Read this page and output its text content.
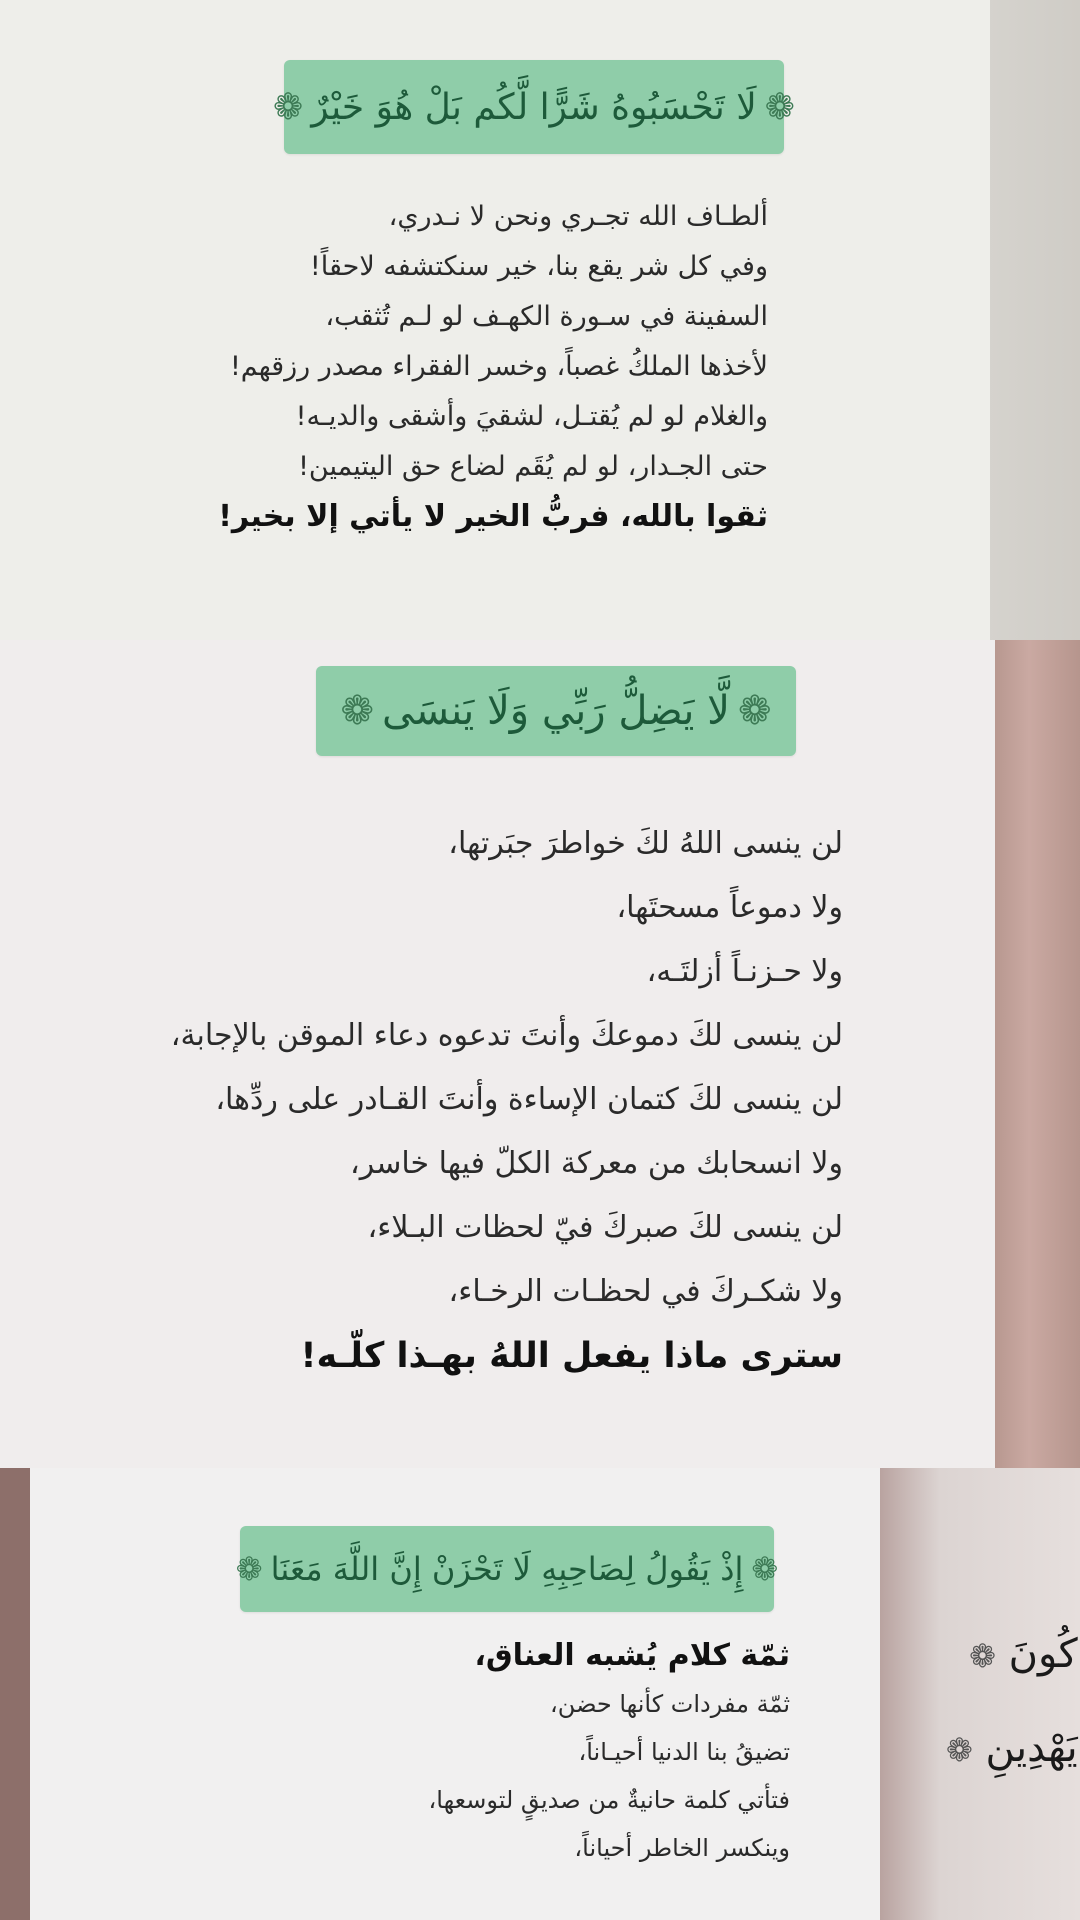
❁
لَا تَحْسَبُوهُ شَرًّا لَّكُم بَلْ هُوَ خَيْرٌ
❁
ألطـاف الله تجـري ونحن لا نـدري،
وفي كل شر يقع بنا، خير سنكتشفه لاحقاً!
السفينة في سـورة الكهـف لو لـم تُثقب،
لأخذها الملكُ غصباً، وخسر الفقراء مصدر رزقهم!
والغلام لو لم يُقتـل، لشقيَ وأشقى والديـه!
حتى الجـدار، لو لم يُقَم لضاع حق اليتيمين!
ثقوا بالله، فربُّ الخير لا يأتي إلا بخير!
❁
لَّا يَضِلُّ رَبِّي وَلَا يَنسَى
❁
لن ينسى اللهُ لكَ خواطرَ جبَرتها،
ولا دموعاً مسحتَها،
ولا حـزنـاً أزلتَـه،
لن ينسى لكَ دموعكَ وأنتَ تدعوه دعاء الموقن بالإجابة،
لن ينسى لكَ كتمان الإساءة وأنتَ القـادر على ردِّها،
ولا انسحابك من معركة الكلّ فيها خاسر،
لن ينسى لكَ صبركَ فيّ لحظات البـلاء،
ولا شكـركَ في لحظـات الرخـاء،
سترى ماذا يفعل اللهُ بهـذا كلّـه!
❁
إِذْ يَقُولُ لِصَاحِبِهِ لَا تَحْزَنْ إِنَّ اللَّهَ مَعَنَا
❁
ثمّة كلام يُشبه العناق،
ثمّة مفردات كأنها حضن،
تضيقُ بنا الدنيا أحيـاناً،
فتأتي كلمة حانيةٌ من صديقٍ لتوسعها،
وينكسر الخاطر أحياناً،
كُونَ ❁
يَهْدِينِ ❁
